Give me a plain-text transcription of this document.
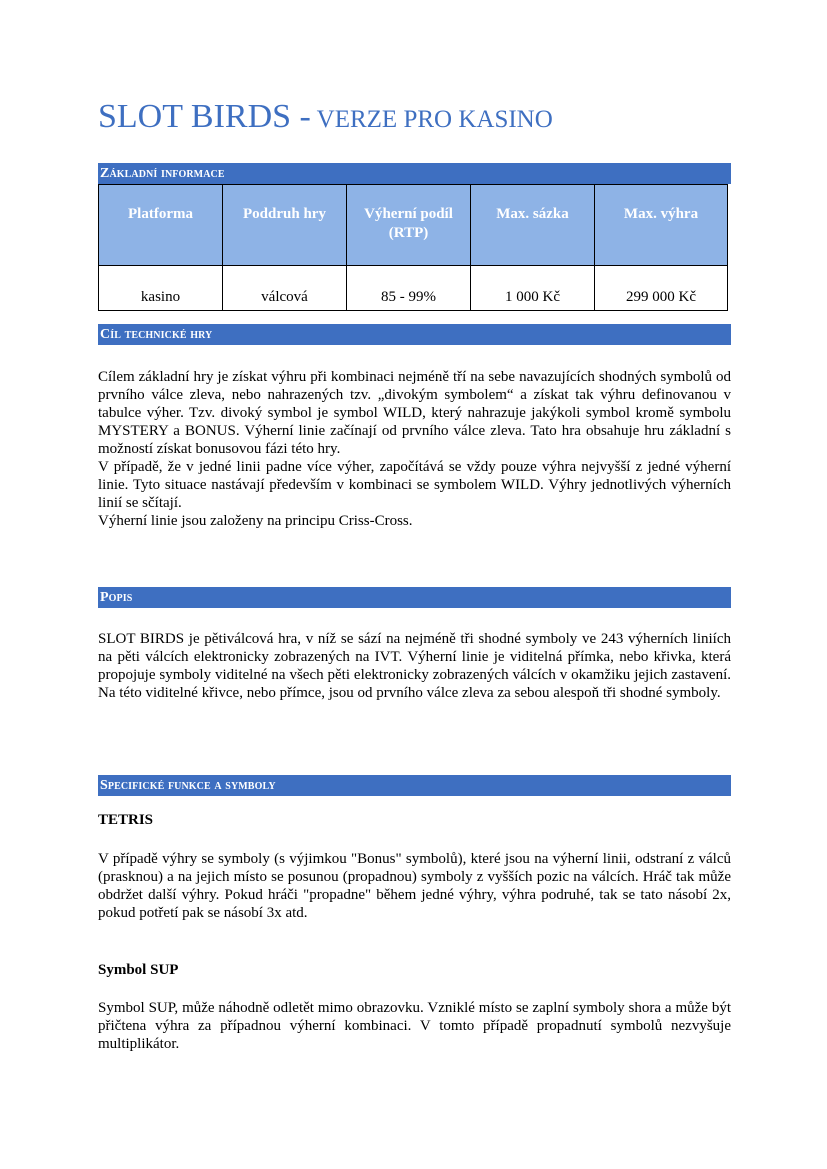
SLOT BIRDS - VERZE PRO KASINO
Základní informace
Platforma	Poddruh hry	Výherní podíl (RTP)	Max. sázka	Max. výhra
kasino	válcová	85 - 99%	1 000 Kč	299 000 Kč
Cíl technické hry

Cílem základní hry je získat výhru při kombinaci nejméně tří na sebe navazujících shodných symbolů od prvního válce zleva, nebo nahrazených tzv. „divokým symbolem“ a získat tak výhru definovanou v tabulce výher. Tzv. divoký symbol je symbol WILD, který nahrazuje jakýkoli symbol kromě symbolu MYSTERY a BONUS. Výherní linie začínají od prvního válce zleva. Tato hra obsahuje hru základní s možností získat bonusovou fázi této hry.

V případě, že v jedné linii padne více výher, započítává se vždy pouze výhra nejvyšší z jedné výherní linie. Tyto situace nastávají především v kombinaci se symbolem WILD. Výhry jednotlivých výherních linií se sčítají.

Výherní linie jsou založeny na principu Criss-Cross.

Popis

SLOT BIRDS je pětiválcová hra, v níž se sází na nejméně tři shodné symboly ve 243 výherních liniích na pěti válcích elektronicky zobrazených na IVT. Výherní linie je viditelná přímka, nebo křivka, která propojuje symboly viditelné na všech pěti elektronicky zobrazených válcích v okamžiku jejich zastavení. Na této viditelné křivce, nebo přímce, jsou od prvního válce zleva za sebou alespoň tři shodné symboly.

Specifické funkce a symboly
TETRIS

V případě výhry se symboly (s výjimkou "Bonus" symbolů), které jsou na výherní linii, odstraní z válců (prasknou) a na jejich místo se posunou (propadnou) symboly z vyšších pozic na válcích. Hráč tak může obdržet další výhry. Pokud hráči "propadne" během jedné výhry, výhra podruhé, tak se tato násobí 2x, pokud potřetí pak se násobí 3x atd.

Symbol SUP

Symbol SUP, může náhodně odletět mimo obrazovku. Vzniklé místo se zaplní symboly shora a může být přičtena výhra za případnou výherní kombinaci. V tomto případě propadnutí symbolů nezvyšuje multiplikátor.
